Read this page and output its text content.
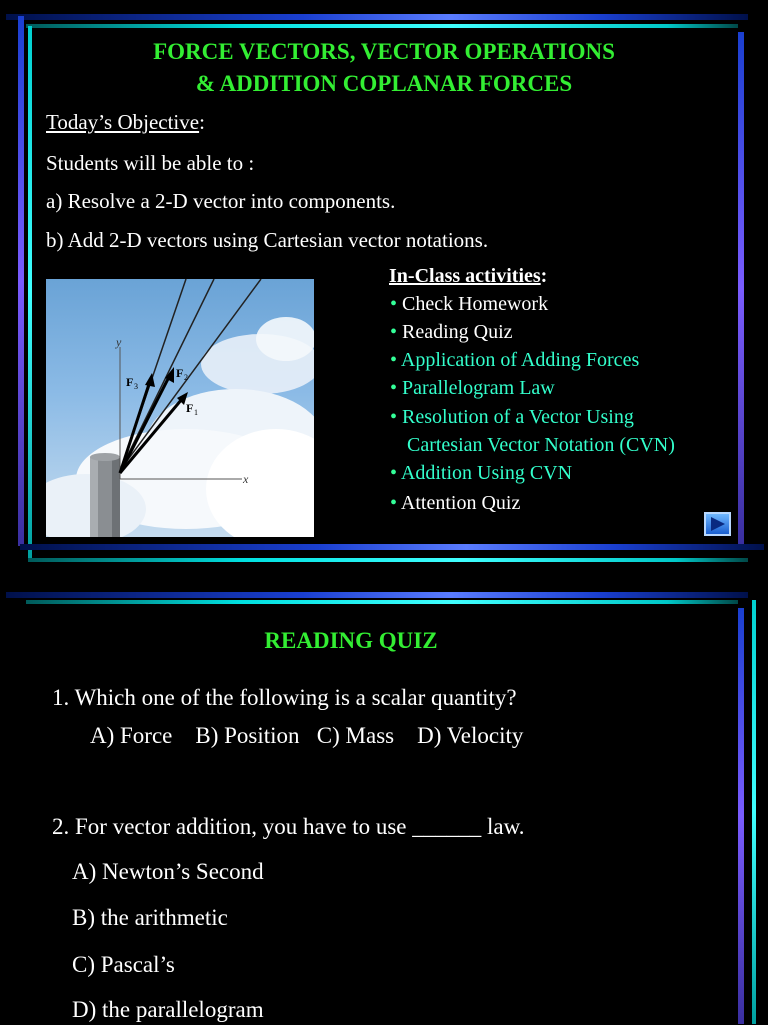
FORCE VECTORS, VECTOR OPERATIONS
& ADDITION COPLANAR FORCES
Today’s Objective:
Students will be able to :
a) Resolve a 2-D vector into components.
b) Add 2-D vectors using Cartesian vector notations.
y
x
F 3
F 2
F 1
In-Class activities:
• Check Homework
• Reading Quiz
• Application of Adding Forces
• Parallelogram Law
• Resolution of a Vector Using
Cartesian Vector Notation (CVN)
• Addition Using CVN
• Attention Quiz
READING QUIZ
1. Which one of the following is a scalar quantity?
A) Force    B) Position   C) Mass    D) Velocity
2. For vector addition, you have to use ______ law.
A) Newton’s Second
B) the arithmetic
C) Pascal’s
D) the parallelogram
